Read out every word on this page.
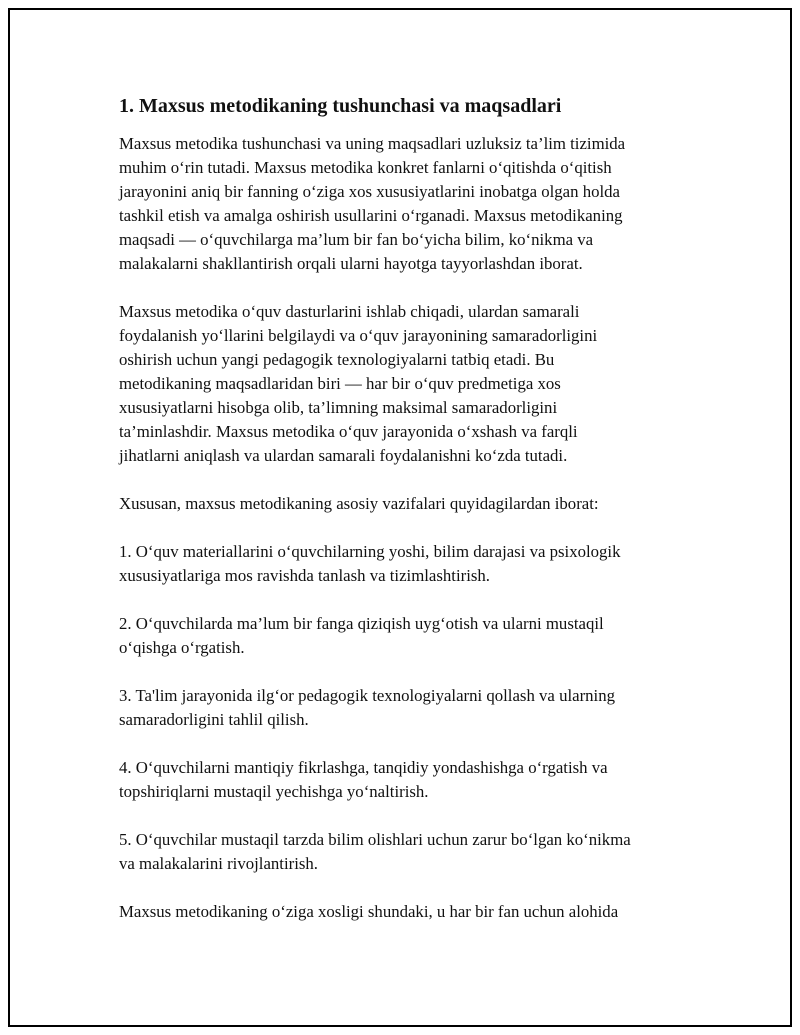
1. Maxsus metodikaning tushunchasi va maqsadlari

Maxsus metodika tushunchasi va uning maqsadlari uzluksiz ta’lim tizimida
muhim o‘rin tutadi. Maxsus metodika konkret fanlarni o‘qitishda o‘qitish
jarayonini aniq bir fanning o‘ziga xos xususiyatlarini inobatga olgan holda
tashkil etish va amalga oshirish usullarini o‘rganadi. Maxsus metodikaning
maqsadi — o‘quvchilarga ma’lum bir fan bo‘yicha bilim, ko‘nikma va
malakalarni shakllantirish orqali ularni hayotga tayyorlashdan iborat.

Maxsus metodika o‘quv dasturlarini ishlab chiqadi, ulardan samarali
foydalanish yo‘llarini belgilaydi va o‘quv jarayonining samaradorligini
oshirish uchun yangi pedagogik texnologiyalarni tatbiq etadi. Bu
metodikaning maqsadlaridan biri — har bir o‘quv predmetiga xos
xususiyatlarni hisobga olib, ta’limning maksimal samaradorligini
ta’minlashdir. Maxsus metodika o‘quv jarayonida o‘xshash va farqli
jihatlarni aniqlash va ulardan samarali foydalanishni ko‘zda tutadi.

Xususan, maxsus metodikaning asosiy vazifalari quyidagilardan iborat:

1. O‘quv materiallarini o‘quvchilarning yoshi, bilim darajasi va psixologik
xususiyatlariga mos ravishda tanlash va tizimlashtirish.

2. O‘quvchilarda ma’lum bir fanga qiziqish uyg‘otish va ularni mustaqil
o‘qishga o‘rgatish.

3. Ta'lim jarayonida ilg‘or pedagogik texnologiyalarni qollash va ularning
samaradorligini tahlil qilish.

4. O‘quvchilarni mantiqiy fikrlashga, tanqidiy yondashishga o‘rgatish va
topshiriqlarni mustaqil yechishga yo‘naltirish.

5. O‘quvchilar mustaqil tarzda bilim olishlari uchun zarur bo‘lgan ko‘nikma
va malakalarini rivojlantirish.

Maxsus metodikaning o‘ziga xosligi shundaki, u har bir fan uchun alohida
